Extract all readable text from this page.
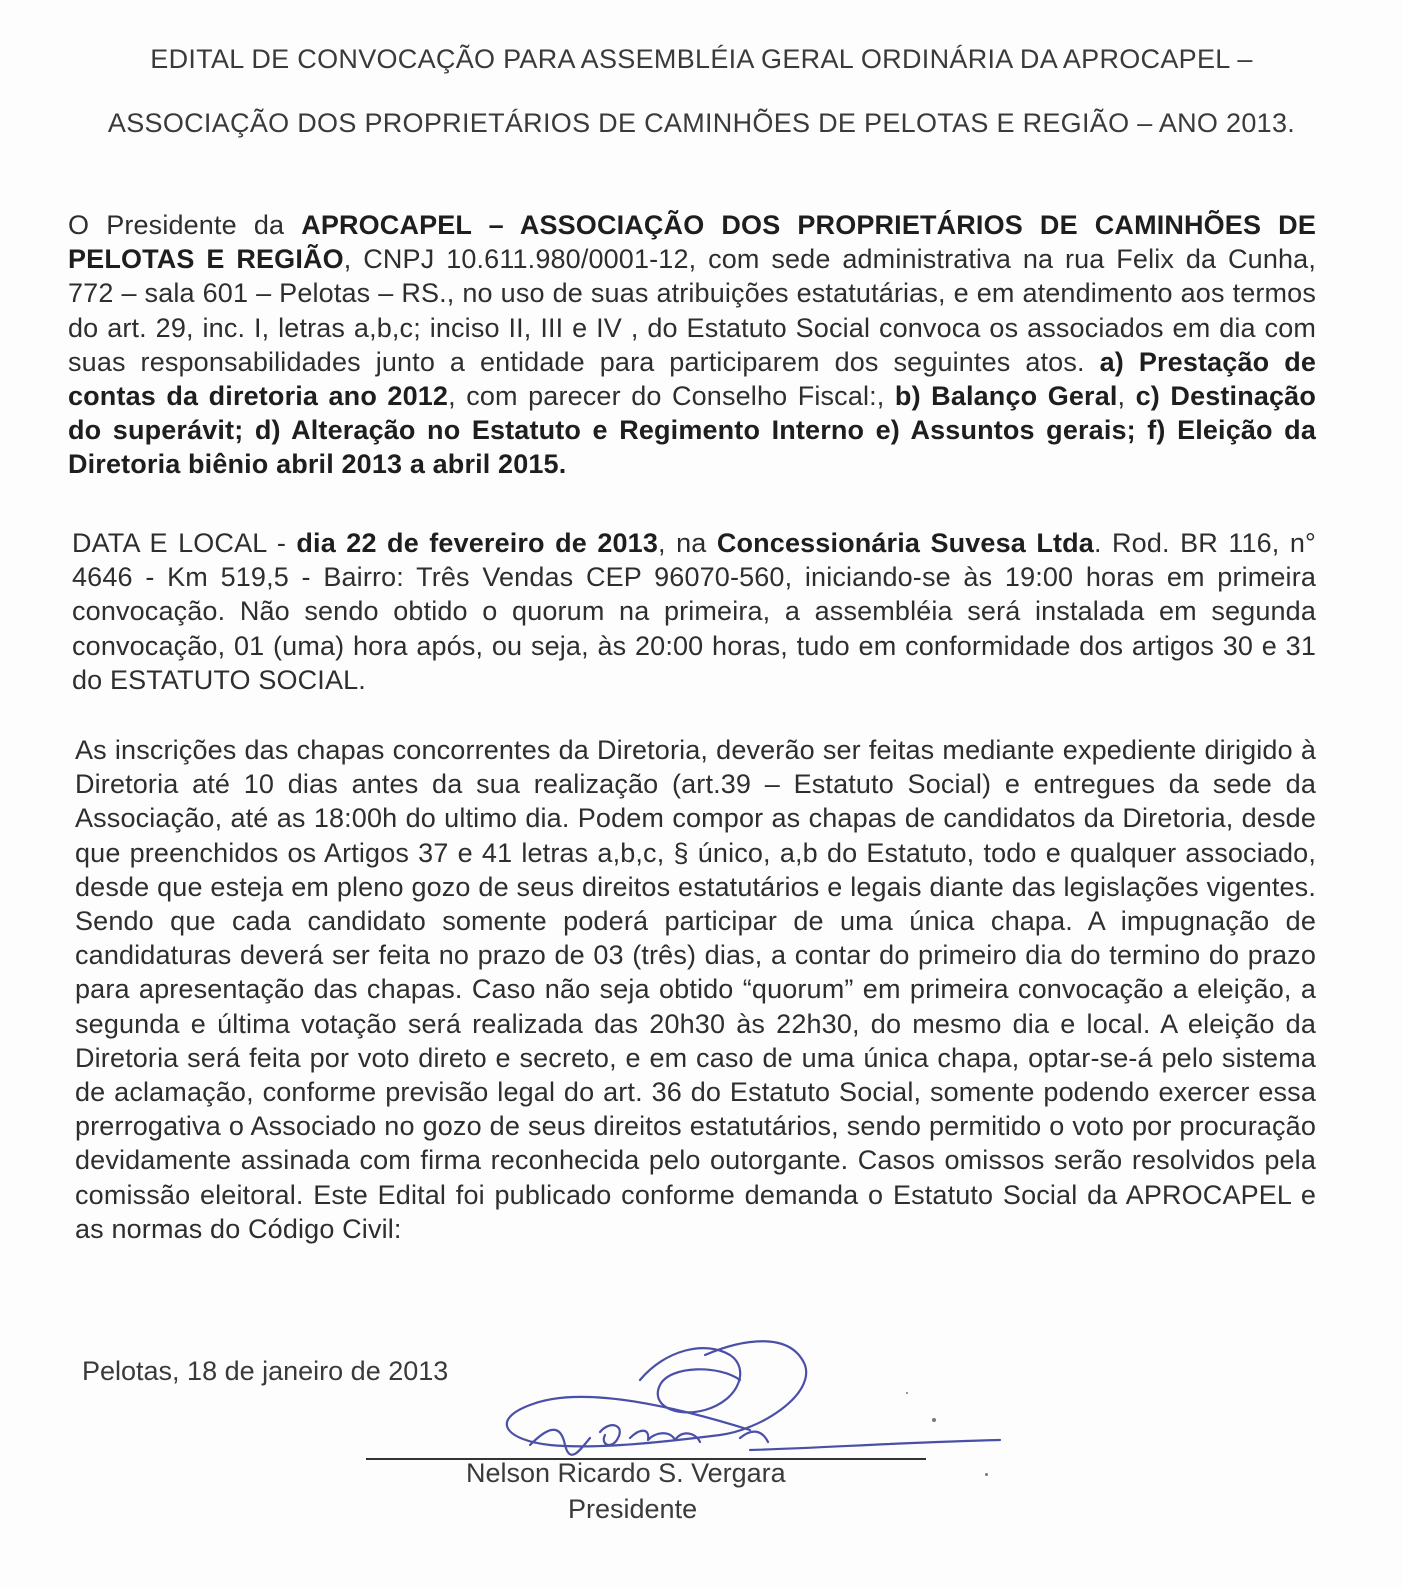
EDITAL DE CONVOCAÇÃO PARA ASSEMBLÉIA GERAL ORDINÁRIA DA APROCAPEL –
ASSOCIAÇÃO DOS PROPRIETÁRIOS DE CAMINHÕES DE PELOTAS E REGIÃO – ANO 2013.
O Presidente da APROCAPEL – ASSOCIAÇÃO DOS PROPRIETÁRIOS DE CAMINHÕES DE PELOTAS E REGIÃO, CNPJ 10.611.980/0001-12, com sede administrativa na rua Felix da Cunha, 772 – sala 601 – Pelotas – RS., no uso de suas atribuições estatutárias, e em atendimento aos termos do art. 29, inc. I, letras a,b,c; inciso II, III e IV , do Estatuto Social convoca os associados em dia com suas responsabilidades junto a entidade para participarem dos seguintes atos. a) Prestação de contas da diretoria ano 2012, com parecer do Conselho Fiscal:, b) Balanço Geral, c) Destinação do superávit; d) Alteração no Estatuto e Regimento Interno e) Assuntos gerais; f) Eleição da Diretoria biênio abril 2013 a abril 2015.
DATA E LOCAL - dia 22 de fevereiro de 2013, na Concessionária Suvesa Ltda. Rod. BR 116, n° 4646 - Km 519,5 - Bairro: Três Vendas CEP 96070-560, iniciando-se às 19:00 horas em primeira convocação. Não sendo obtido o quorum na primeira, a assembléia será instalada em segunda convocação, 01 (uma) hora após, ou seja, às 20:00 horas, tudo em conformidade dos artigos 30 e 31 do ESTATUTO SOCIAL.
As inscrições das chapas concorrentes da Diretoria, deverão ser feitas mediante expediente dirigido à Diretoria até 10 dias antes da sua realização (art.39 – Estatuto Social) e entregues da sede da Associação, até as 18:00h do ultimo dia. Podem compor as chapas de candidatos da Diretoria, desde que preenchidos os Artigos 37 e 41 letras a,b,c, § único, a,b do Estatuto, todo e qualquer associado, desde que esteja em pleno gozo de seus direitos estatutários e legais diante das legislações vigentes. Sendo que cada candidato somente poderá participar de uma única chapa. A impugnação de candidaturas deverá ser feita no prazo de 03 (três) dias, a contar do primeiro dia do termino do prazo para apresentação das chapas. Caso não seja obtido “quorum” em primeira convocação a eleição, a segunda e última votação será realizada das 20h30 às 22h30, do mesmo dia e local. A eleição da Diretoria será feita por voto direto e secreto, e em caso de uma única chapa, optar-se-á pelo sistema de aclamação, conforme previsão legal do art. 36 do Estatuto Social, somente podendo exercer essa prerrogativa o Associado no gozo de seus direitos estatutários, sendo permitido o voto por procuração devidamente assinada com firma reconhecida pelo outorgante. Casos omissos serão resolvidos pela comissão eleitoral. Este Edital foi publicado conforme demanda o Estatuto Social da APROCAPEL e as normas do Código Civil:
Pelotas, 18 de janeiro de 2013
Nelson Ricardo S. Vergara
Presidente
